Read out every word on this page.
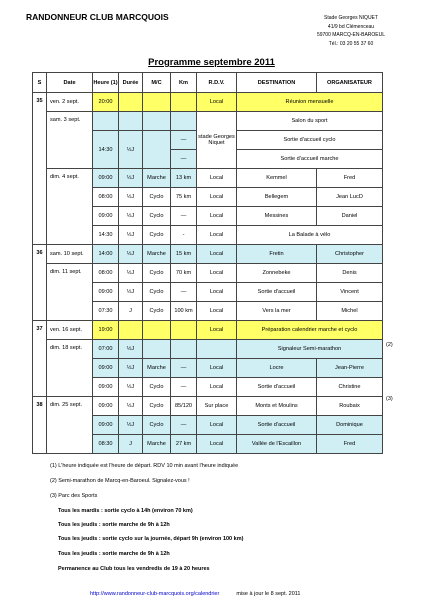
RANDONNEUR CLUB MARCQUOIS	Stade Georges NIQUET
41/9 bd Clémenceau
59700 MARCQ-EN-BAROEUL
Tél.: 03 20 55 37 60
Programme septembre 2011
S	Date	Heure (1)	Durée	M/C	Km	R.D.V.	DESTINATION	ORGANISATEUR
35	ven. 2 sept.	20:00				Local	Réunion mensuelle	
	sam. 3 sept.					stade Georges Niquet	Salon du sport	
		14:30	½J		—		Sortie d'accueil cyclo	
					—		Sortie d'accueil marche	
	dim. 4 sept.	09:00	½J	Marche	13 km	Local	Kemmel	Fred
		08:00	½J	Cyclo	75 km	Local	Bellegem	Jean LucD
		09:00	½J	Cyclo	—	Local	Messines	Daniel
		14:30	½J	Cyclo	-	Local	La Balade à vélo	
36	sam. 10 sept.	14:00	½J	Marche	15 km	Local	Fretin	Christopher
	dim. 11 sept.	08:00	½J	Cyclo	70 km	Local	Zonnebeke	Denis
		09:00	½J	Cyclo	—	Local	Sortie d'accueil	Vincent
		07:30	J	Cyclo	100 km	Local	Vers la mer	Michel
37	ven. 16 sept.	19:00				Local	Préparation calendrier marche et cyclo	
	dim. 18 sept.	07:00	½J				Signaleur Semi-marathon	
		09:00	½J	Marche	—	Local	Locre	Jean-Pierre
		09:00	½J	Cyclo	—	Local	Sortie d'accueil	Christine
38	dim. 25 sept.	09:00	½J	Cyclo	85/120	Sur place	Monts et Moulins	Roubaix
		09:00	½J	Cyclo	—	Local	Sortie d'accueil	Dominique
		08:30	J	Marche	27 km	Local	Vallée de l'Escaillon	Fred
(2)
(3)
(1) L'heure indiquée est l'heure de départ. RDV 10 min avant l'heure indiquée
(2) Semi-marathon de Marcq-en-Baroeul. Signalez-vous !
(3) Parc des Sports
Tous les mardis : sortie cyclo à 14h (environ 70 km)
Tous les jeudis : sortie marche de 9h à 12h
Tous les jeudis : sortie cyclo sur la journée, départ 9h (environ 100 km)
Tous les jeudis : sortie marche de 9h à 12h
Permanence au Club tous les vendredis de 19 à 20 heures
http://www.randonneur-club-marcquois.org/calendrier	mise à jour le 8 sept. 2011
